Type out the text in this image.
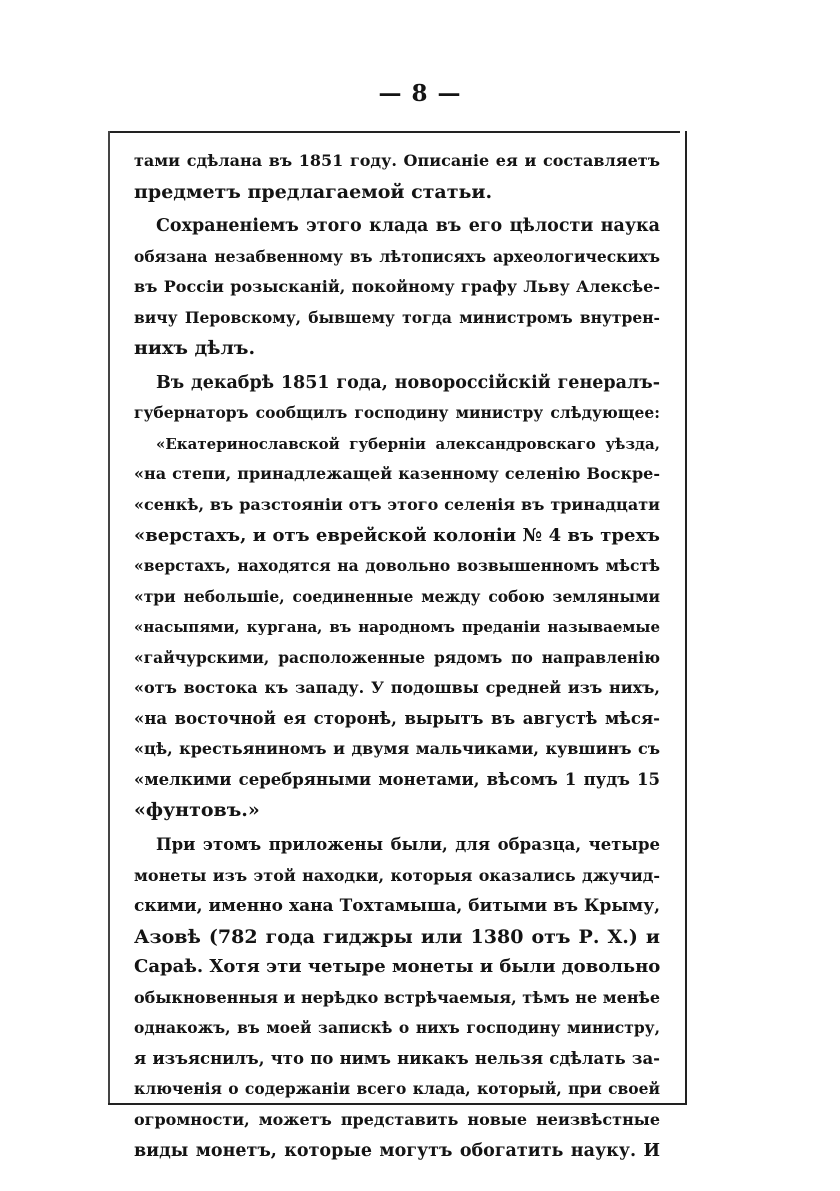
— 8 —
тами сдѣлана въ 1851 году. Описаніе ея и составляетъ
предметъ предлагаемой статьи.
Сохраненіемъ этого клада въ его цѣлости наука
обязана незабвенному въ лѣтописяхъ археологическихъ
въ Россіи розысканій, покойному графу Льву Алексѣе-
вичу Перовскому, бывшему тогда министромъ внутрен-
нихъ дѣлъ.
Въ декабрѣ 1851 года, новороссійскій генералъ-
губернаторъ сообщилъ господину министру слѣдующее:
«Екатеринославской губерніи александровскаго уѣзда,
«на степи, принадлежащей казенному селенію Воскре-
«сенкѣ, въ разстояніи отъ этого селенія въ тринадцати
«верстахъ, и отъ еврейской колоніи № 4 въ трехъ
«верстахъ, находятся на довольно возвышенномъ мѣстѣ
«три небольшіе, соединенные между собою земляными
«насыпями, кургана, въ народномъ преданіи называемые
«гайчурскими, расположенные рядомъ по направленію
«отъ востока къ западу. У подошвы средней изъ нихъ,
«на восточной ея сторонѣ, вырытъ въ августѣ мѣся-
«цѣ, крестьяниномъ и двумя мальчиками, кувшинъ съ
«мелкими серебряными монетами, вѣсомъ 1 пудъ 15
«фунтовъ.»
При этомъ приложены были, для образца, четыре
монеты изъ этой находки, которыя оказались джучид-
скими, именно хана Тохтамыша, битыми въ Крыму,
Азовѣ (782 года гиджры или 1380 отъ Р. Х.) и
Сараѣ. Хотя эти четыре монеты и были довольно
обыкновенныя и нерѣдко встрѣчаемыя, тѣмъ не менѣе
однакожъ, въ моей запискѣ о нихъ господину министру,
я изъяснилъ, что по нимъ никакъ нельзя сдѣлать за-
ключенія о содержаніи всего клада, который, при своей
огромности, можетъ представить новые неизвѣстные
виды монетъ, которые могутъ обогатить науку. И
